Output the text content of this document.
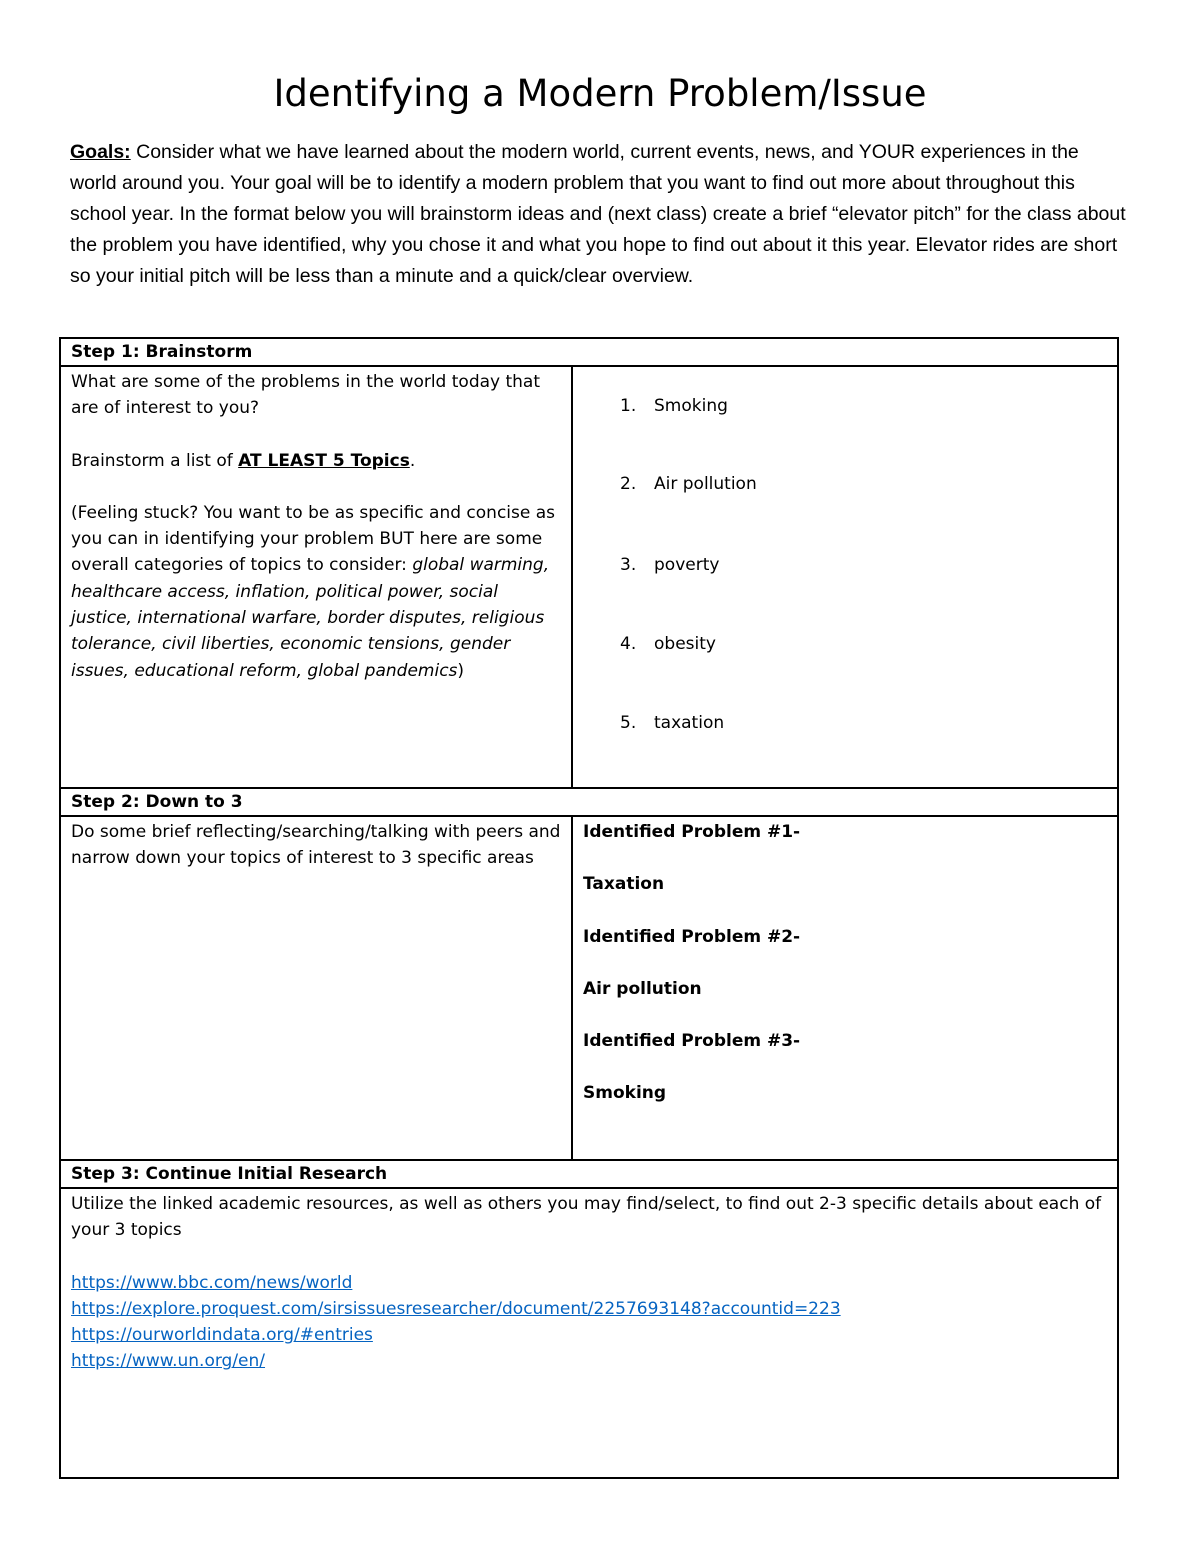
Identifying a Modern Problem/Issue
Goals: Consider what we have learned about the modern world, current events, news, and YOUR experiences in the world around you. Your goal will be to identify a modern problem that you want to find out more about throughout this school year. In the format below you will brainstorm ideas and (next class) create a brief “elevator pitch” for the class about the problem you have identified, why you chose it and what you hope to find out about it this year. Elevator rides are short so your initial pitch will be less than a minute and a quick/clear overview.
Step 1: Brainstorm

What are some of the problems in the world today that are of interest to you?

Brainstorm a list of AT LEAST 5 Topics.

(Feeling stuck? You want to be as specific and concise as you can in identifying your problem BUT here are some overall categories of topics to consider: global warming, healthcare access, inflation, political power, social justice, international warfare, border disputes, religious tolerance, civil liberties, economic tensions, gender issues, educational reform, global pandemics)

1. Smoking
2. Air pollution
3. poverty
4. obesity
5. taxation
Step 2: Down to 3

Do some brief reflecting/searching/talking with peers and narrow down your topics of interest to 3 specific areas

Identified Problem #1-

Taxation

Identified Problem #2-

Air pollution

Identified Problem #3-

Smoking

Step 3: Continue Initial Research

Utilize the linked academic resources, as well as others you may find/select, to find out 2-3 specific details about each of your 3 topics

https://www.bbc.com/news/world
https://explore.proquest.com/sirsissuesresearcher/document/2257693148?accountid=223
https://ourworldindata.org/#entries
https://www.un.org/en/
